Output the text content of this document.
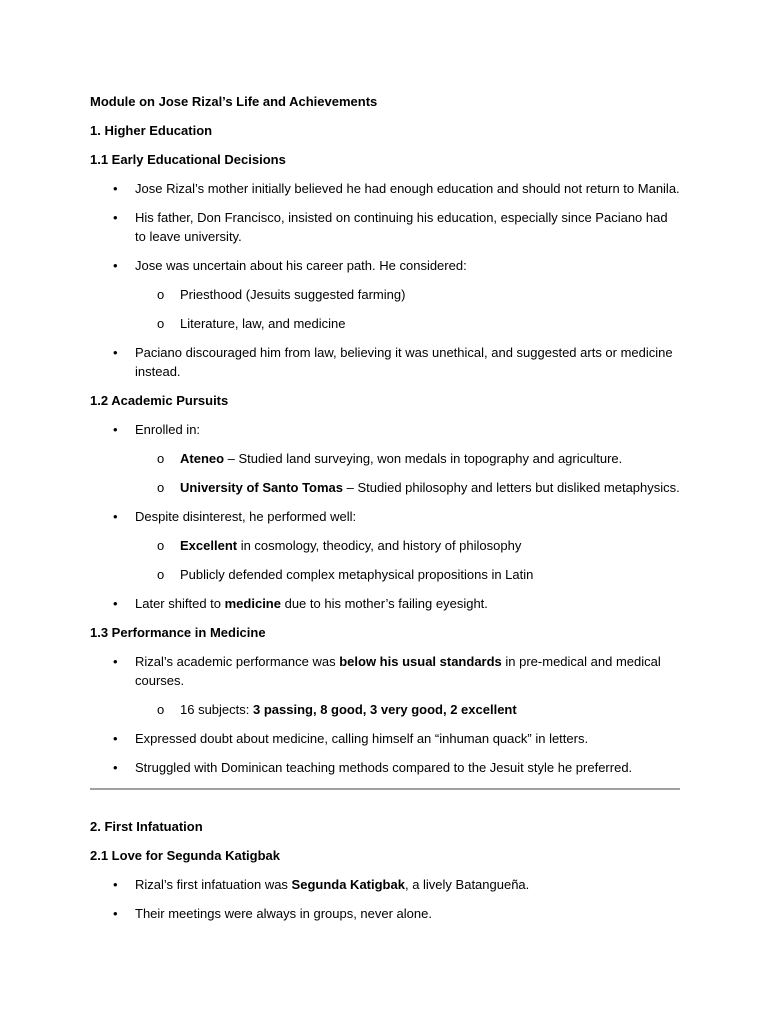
Module on Jose Rizal’s Life and Achievements

1. Higher Education

1.1 Early Educational Decisions

• Jose Rizal’s mother initially believed he had enough education and should not return to Manila.
• His father, Don Francisco, insisted on continuing his education, especially since Paciano had to leave university.
• Jose was uncertain about his career path. He considered:
o Priesthood (Jesuits suggested farming)
o Literature, law, and medicine
• Paciano discouraged him from law, believing it was unethical, and suggested arts or medicine instead.

1.2 Academic Pursuits

• Enrolled in:
o Ateneo – Studied land surveying, won medals in topography and agriculture.
o University of Santo Tomas – Studied philosophy and letters but disliked metaphysics.
• Despite disinterest, he performed well:
o Excellent in cosmology, theodicy, and history of philosophy
o Publicly defended complex metaphysical propositions in Latin
• Later shifted to medicine due to his mother’s failing eyesight.

1.3 Performance in Medicine

• Rizal’s academic performance was below his usual standards in pre-medical and medical courses.
o 16 subjects: 3 passing, 8 good, 3 very good, 2 excellent
• Expressed doubt about medicine, calling himself an “inhuman quack” in letters.
• Struggled with Dominican teaching methods compared to the Jesuit style he preferred.

2. First Infatuation

2.1 Love for Segunda Katigbak

• Rizal’s first infatuation was Segunda Katigbak, a lively Batangueña.
• Their meetings were always in groups, never alone.
